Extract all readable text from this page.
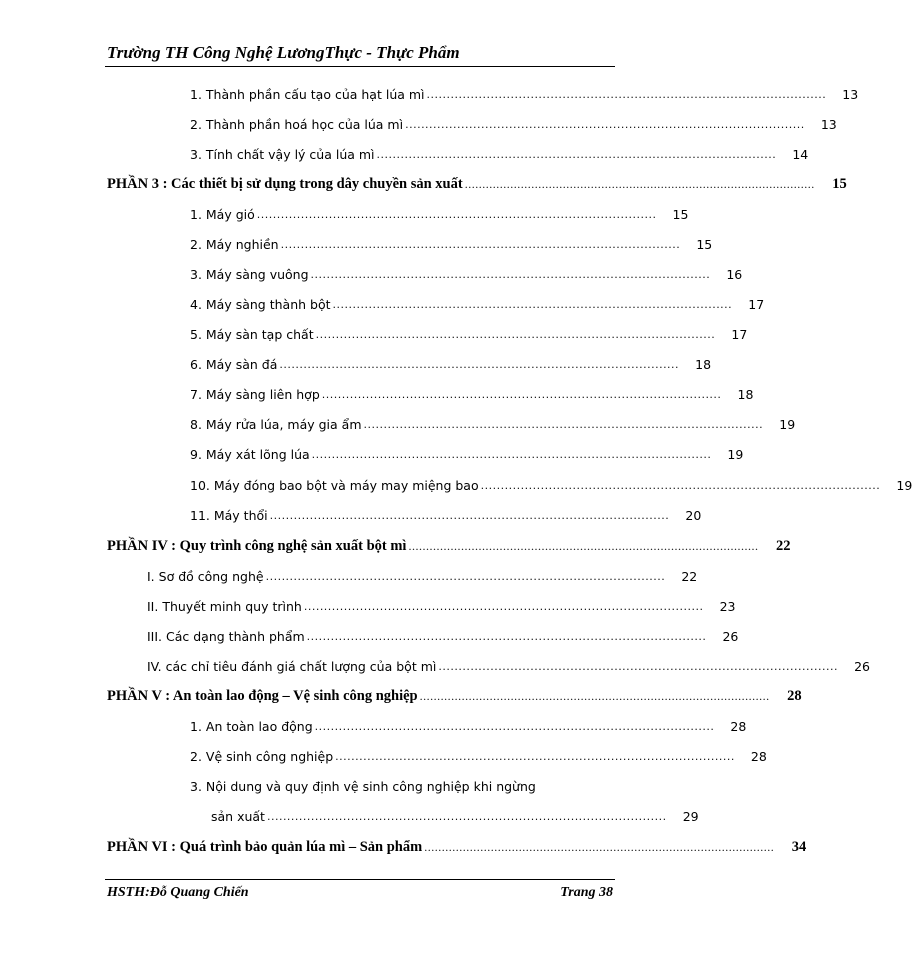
Trường TH Công Nghệ LươngThực - Thực Phẩm
1. Thành phần cấu tạo của hạt lúa mì ....................................................................................................	13
2. Thành phần hoá học của lúa mì ....................................................................................................	13
3. Tính chất vậy lý của lúa mì ....................................................................................................	14
PHẦN 3 : Các thiết bị sử dụng trong dây chuyền sản xuất ....................................................................................................	15
1. Máy gió ....................................................................................................	15
2. Máy nghiền ....................................................................................................	15
3. Máy sàng vuông ....................................................................................................	16
4. Máy sàng thành bột ....................................................................................................	17
5. Máy sàn tạp chất ....................................................................................................	17
6. Máy sàn đá ....................................................................................................	18
7. Máy sàng liên hợp ....................................................................................................	18
8. Máy rửa lúa, máy gia ẩm ....................................................................................................	19
9. Máy xát lõng lúa ....................................................................................................	19
10. Máy đóng bao bột và máy may miệng bao ....................................................................................................	19
11. Máy thổi ....................................................................................................	20
PHẦN IV : Quy trình công nghệ sản xuất bột mì ....................................................................................................	22
I. Sơ đồ công nghệ ....................................................................................................	22
II. Thuyết minh quy trình ....................................................................................................	23
III. Các dạng thành phẩm ....................................................................................................	26
IV. các chỉ tiêu đánh giá chất lượng của bột mì ....................................................................................................	26
PHẦN V : An toàn lao động – Vệ sinh công nghiệp ....................................................................................................	28
1. An toàn lao động ....................................................................................................	28
2. Vệ sinh công nghiệp ....................................................................................................	28
3. Nội dung và quy định vệ sinh công nghiệp khi ngừng
sản xuất ....................................................................................................	29
PHẦN VI : Quá trình bảo quản lúa mì – Sản phẩm ....................................................................................................	34
HSTH:Đỗ Quang Chiến	Trang 38
